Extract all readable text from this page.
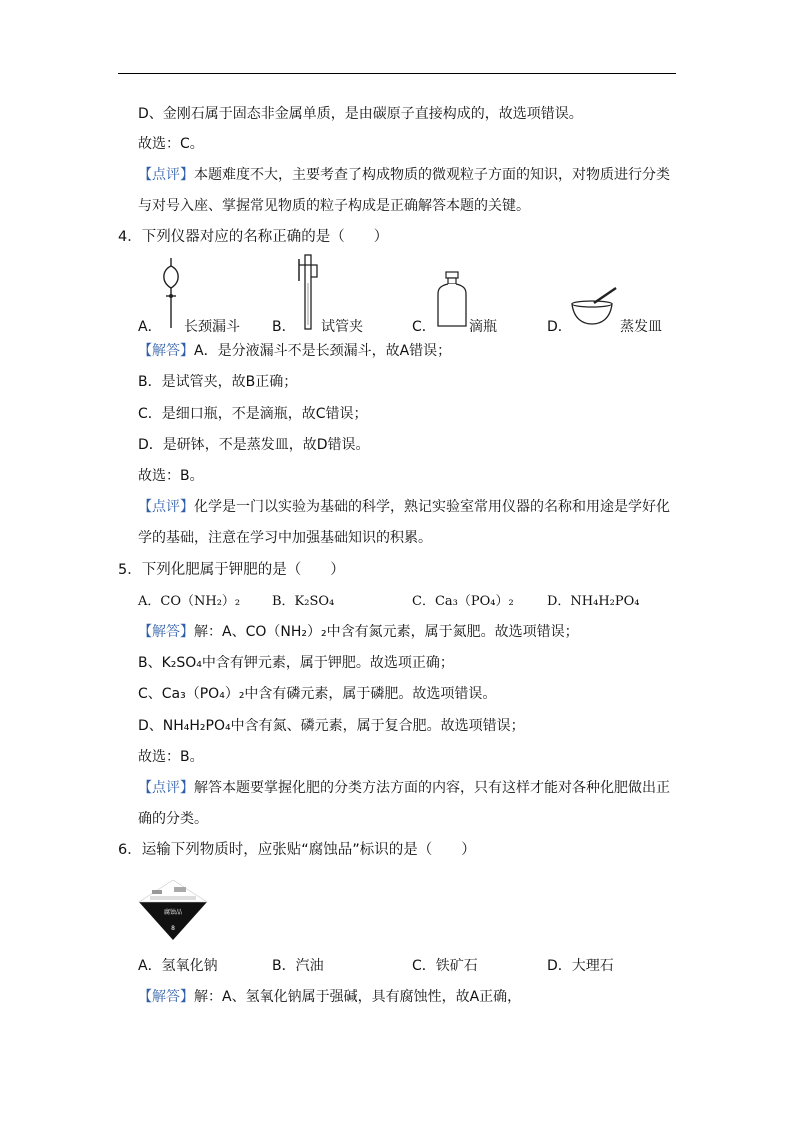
D、金刚石属于固态非金属单质，是由碳原子直接构成的，故选项错误。
故选：C。
【点评】本题难度不大，主要考查了构成物质的微观粒子方面的知识，对物质进行分类
与对号入座、掌握常见物质的粒子构成是正确解答本题的关键。
4．下列仪器对应的名称正确的是（　　）
A． 长颈漏斗 B． 试管夹	C． 滴瓶	D．	蒸发皿
【解答】A．是分液漏斗不是长颈漏斗，故A错误；
B．是试管夹，故B正确；
C．是细口瓶，不是滴瓶，故C错误；
D．是研钵，不是蒸发皿，故D错误。
故选：B。
【点评】化学是一门以实验为基础的科学，熟记实验室常用仪器的名称和用途是学好化
学的基础，注意在学习中加强基础知识的积累。
5．下列化肥属于钾肥的是（　　）
A．CO（NH₂）₂ B．K₂SO₄	C．Ca₃（PO₄）₂	D．NH₄H₂PO₄
【解答】解：A、CO（NH₂）₂中含有氮元素，属于氮肥。故选项错误；
B、K₂SO₄中含有钾元素，属于钾肥。故选项正确；
C、Ca₃（PO₄）₂中含有磷元素，属于磷肥。故选项错误。
D、NH₄H₂PO₄中含有氮、磷元素，属于复合肥。故选项错误；
故选：B。
【点评】解答本题要掌握化肥的分类方法方面的内容，只有这样才能对各种化肥做出正
确的分类。
6．运输下列物质时，应张贴“腐蚀品”标识的是（　　）
腐蚀品
8
A．氢氧化钠	B．汽油	C．铁矿石	D．大理石
【解答】解：A、氢氧化钠属于强碱，具有腐蚀性，故A正确，
